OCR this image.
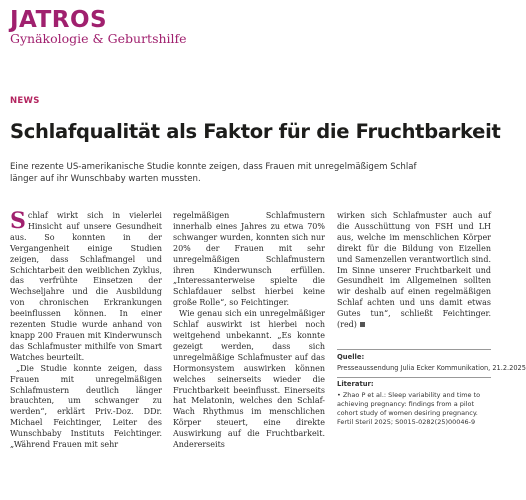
JATROS
Gynäkologie & Geburtshilfe
NEWS
Schlafqualität als Faktor für die Fruchtbarkeit
Eine rezente US-amerikanische Studie konnte zeigen, dass Frauen mit unregelmäßigem Schlaf länger auf ihr Wunschbaby warten mussten.

Schlaf wirkt sich in vielerlei Hinsicht auf unsere Gesundheit aus. So konnten in der Vergangenheit einige Studien zeigen, dass Schlafmangel und Schichtarbeit den weiblichen Zyklus, das verfrühte Einsetzen der Wechseljahre und die Ausbildung von chronischen Erkrankungen beeinflussen können. In einer rezenten Studie wurde anhand von knapp 200 Frauen mit Kinderwunsch das Schlafmuster mithilfe von Smart Watches beurteilt.

„Die Studie konnte zeigen, dass Frauen mit unregelmäßigen Schlafmustern deutlich länger brauchten, um schwanger zu werden“, erklärt Priv.-Doz. DDr. Michael Feichtinger, Leiter des Wunschbaby Instituts Feichtinger. „Während Frauen mit sehr

regelmäßigen Schlafmustern innerhalb eines Jahres zu etwa 70% schwanger wurden, konnten sich nur 20% der Frauen mit sehr unregelmäßigen Schlafmustern ihren Kinderwunsch erfüllen. „Interessanterweise spielte die Schlafdauer selbst hierbei keine große Rolle“, so Feichtinger.

Wie genau sich ein unregelmäßiger Schlaf auswirkt ist hierbei noch weitgehend unbekannt. „Es konnte gezeigt werden, dass sich unregelmäßige Schlafmuster auf das Hormonsystem auswirken können welches seinerseits wieder die Fruchtbarkeit beeinflusst. Einerseits hat Melatonin, welches den Schlaf-Wach Rhythmus im menschlichen Körper steuert, eine direkte Auswirkung auf die Fruchtbarkeit. Andererseits

wirken sich Schlafmuster auch auf die Ausschüttung von FSH und LH aus, welche im menschlichen Körper direkt für die Bildung von Eizellen und Samenzellen verantwortlich sind. Im Sinne unserer Fruchtbarkeit und Gesundheit im Allgemeinen sollten wir deshalb auf einen regelmäßigen Schlaf achten und uns damit etwas Gutes tun“, schließt Feichtinger. (red)

Quelle:
Presseaussendung Julia Ecker Kommunikation, 21.2.2025
Literatur:
• Zhao P et al.: Sleep variability and time to achieving pregnancy: findings from a pilot cohort study of women desiring pregnancy. Fertil Steril 2025; S0015-0282(25)00046-9
